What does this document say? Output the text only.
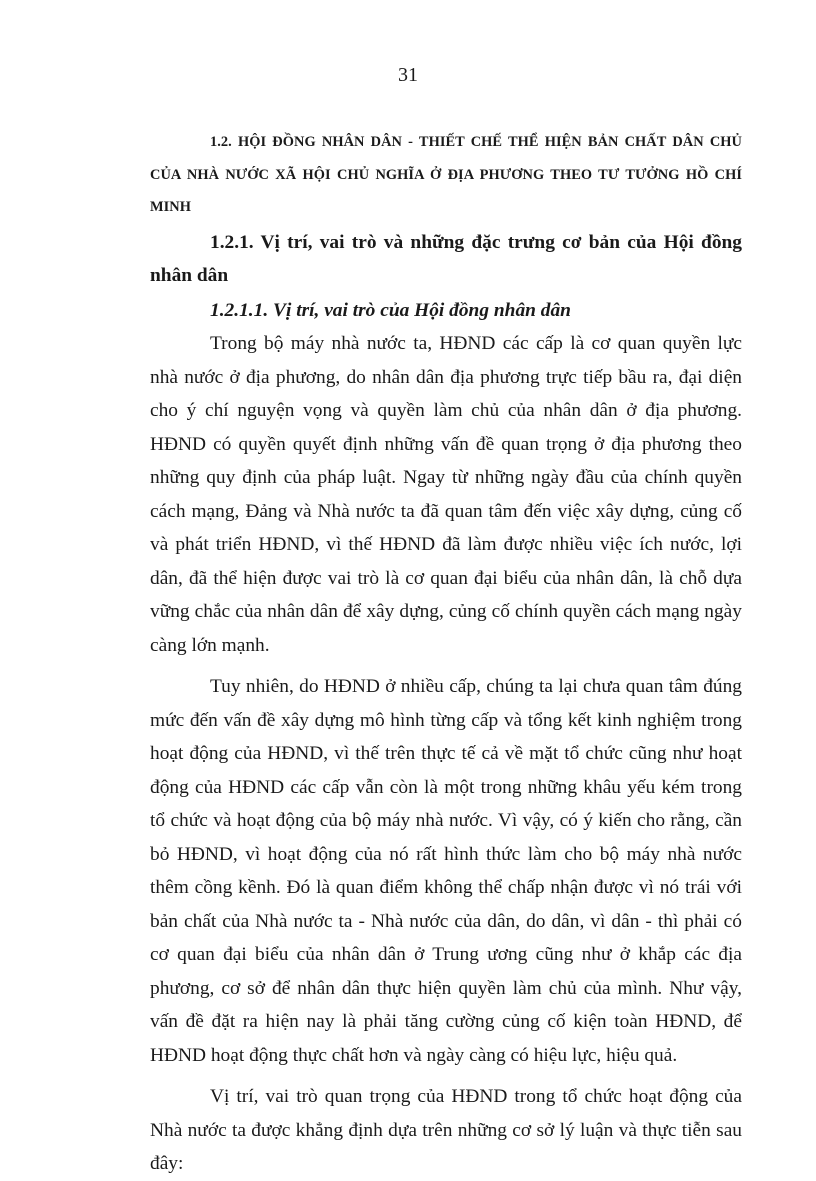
31
1.2. HỘI ĐỒNG NHÂN DÂN - THIẾT CHẾ THỂ HIỆN BẢN CHẤT DÂN CHỦ CỦA NHÀ NƯỚC XÃ HỘI CHỦ NGHĨA Ở ĐỊA PHƯƠNG THEO TƯ TƯỞNG HỒ CHÍ MINH
1.2.1. Vị trí, vai trò và những đặc trưng cơ bản của Hội đồng nhân dân
1.2.1.1. Vị trí, vai trò của Hội đồng nhân dân

Trong bộ máy nhà nước ta, HĐND các cấp là cơ quan quyền lực nhà nước ở địa phương, do nhân dân địa phương trực tiếp bầu ra, đại diện cho ý chí nguyện vọng và quyền làm chủ của nhân dân ở địa phương. HĐND có quyền quyết định những vấn đề quan trọng ở địa phương theo những quy định của pháp luật. Ngay từ những ngày đầu của chính quyền cách mạng, Đảng và Nhà nước ta đã quan tâm đến việc xây dựng, củng cố và phát triển HĐND, vì thế HĐND đã làm được nhiều việc ích nước, lợi dân, đã thể hiện được vai trò là cơ quan đại biểu của nhân dân, là chỗ dựa vững chắc của nhân dân để xây dựng, củng cố chính quyền cách mạng ngày càng lớn mạnh.

Tuy nhiên, do HĐND ở nhiều cấp, chúng ta lại chưa quan tâm đúng mức đến vấn đề xây dựng mô hình từng cấp và tổng kết kinh nghiệm trong hoạt động của HĐND, vì thế trên thực tế cả về mặt tổ chức cũng như hoạt động của HĐND các cấp vẫn còn là một trong những khâu yếu kém trong tổ chức và hoạt động của bộ máy nhà nước. Vì vậy, có ý kiến cho rằng, cần bỏ HĐND, vì hoạt động của nó rất hình thức làm cho bộ máy nhà nước thêm cồng kềnh. Đó là quan điểm không thể chấp nhận được vì nó trái với bản chất của Nhà nước ta - Nhà nước của dân, do dân, vì dân - thì phải có cơ quan đại biểu của nhân dân ở Trung ương cũng như ở khắp các địa phương, cơ sở để nhân dân thực hiện quyền làm chủ của mình. Như vậy, vấn đề đặt ra hiện nay là phải tăng cường củng cố kiện toàn HĐND, để HĐND hoạt động thực chất hơn và ngày càng có hiệu lực, hiệu quả.

Vị trí, vai trò quan trọng của HĐND trong tổ chức hoạt động của Nhà nước ta được khẳng định dựa trên những cơ sở lý luận và thực tiễn sau đây:
